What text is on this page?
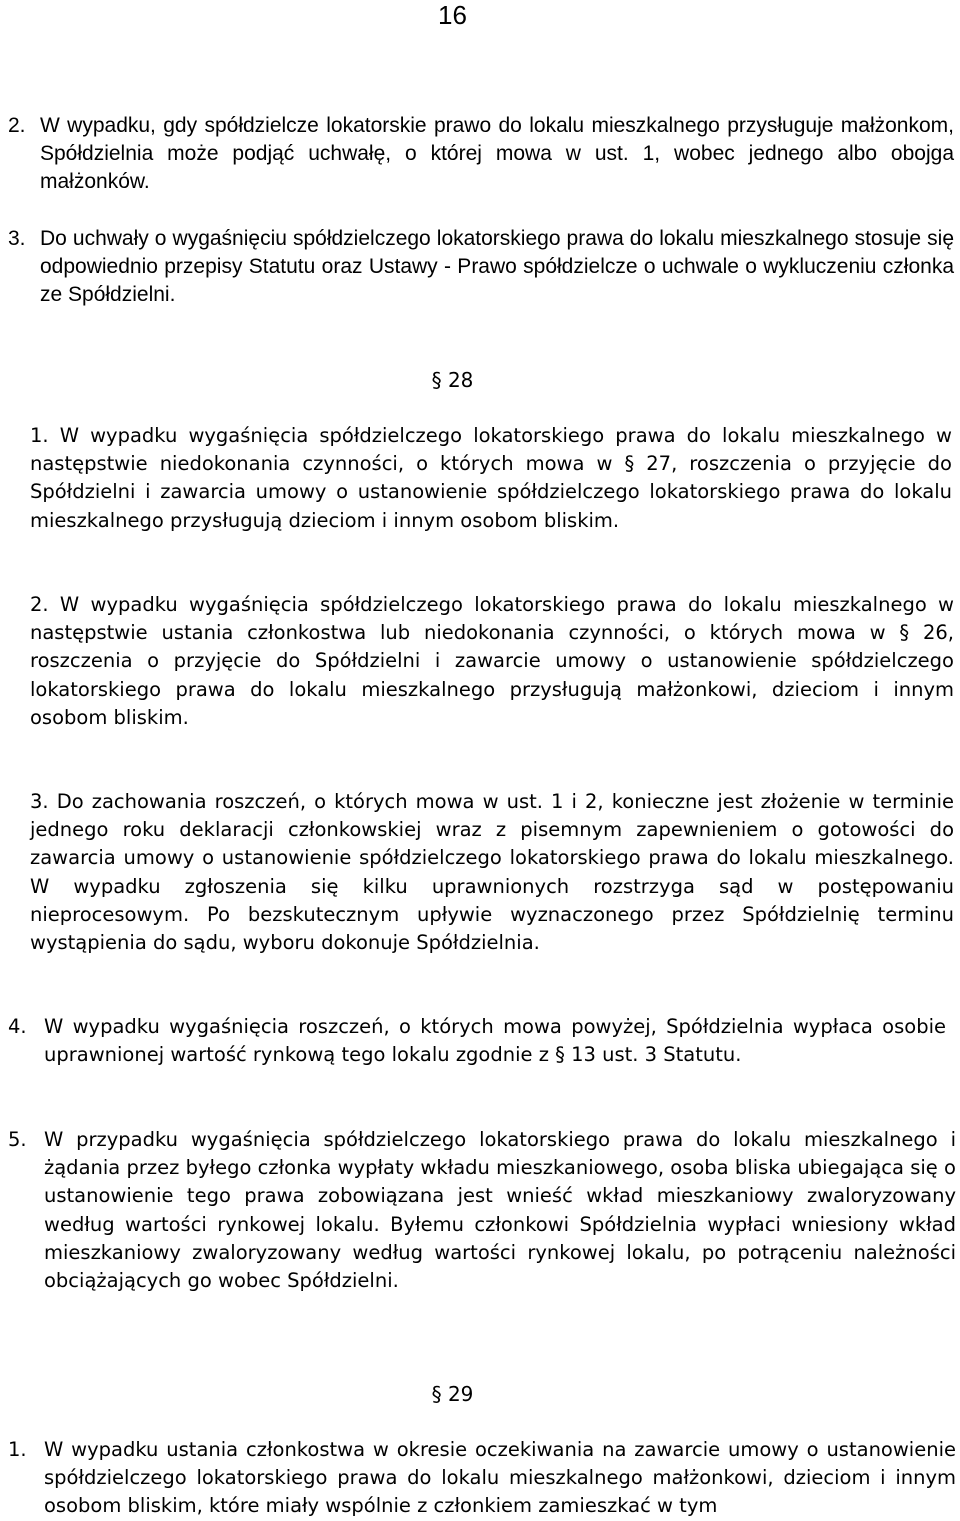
16
2. W wypadku, gdy spółdzielcze lokatorskie prawo do lokalu mieszkalnego przysługuje małżonkom, Spółdzielnia może podjąć uchwałę, o której mowa w ust. 1, wobec jednego albo obojga małżonków.

3. Do uchwały o wygaśnięciu spółdzielczego lokatorskiego prawa do lokalu mieszkalnego stosuje się odpowiednio przepisy Statutu oraz Ustawy - Prawo spółdzielcze o uchwale o wykluczeniu członka ze Spółdzielni.

§ 28

1. W wypadku wygaśnięcia spółdzielczego lokatorskiego prawa do lokalu mieszkalnego w następstwie niedokonania czynności, o których mowa w § 27, roszczenia o przyjęcie do Spółdzielni i zawarcia umowy o ustanowienie spółdzielczego lokatorskiego prawa do lokalu mieszkalnego przysługują dzieciom i innym osobom bliskim.

2. W wypadku wygaśnięcia spółdzielczego lokatorskiego prawa do lokalu mieszkalnego w następstwie ustania członkostwa lub niedokonania czynności, o których mowa w § 26, roszczenia o przyjęcie do Spółdzielni i zawarcie umowy o ustanowienie spółdzielczego lokatorskiego prawa do lokalu mieszkalnego przysługują małżonkowi, dzieciom i innym osobom bliskim.

3. Do zachowania roszczeń, o których mowa w ust. 1 i 2, konieczne jest złożenie w terminie jednego roku deklaracji członkowskiej wraz z pisemnym zapewnieniem o gotowości do zawarcia umowy o ustanowienie spółdzielczego lokatorskiego prawa do lokalu mieszkalnego. W wypadku zgłoszenia się kilku uprawnionych rozstrzyga sąd w postępowaniu nieprocesowym. Po bezskutecznym upływie wyznaczonego przez Spółdzielnię terminu wystąpienia do sądu, wyboru dokonuje Spółdzielnia.

4. W wypadku wygaśnięcia roszczeń, o których mowa powyżej, Spółdzielnia wypłaca osobie uprawnionej wartość rynkową tego lokalu zgodnie z § 13 ust. 3 Statutu.

5. W przypadku wygaśnięcia spółdzielczego lokatorskiego prawa do lokalu mieszkalnego i żądania przez byłego członka wypłaty wkładu mieszkaniowego, osoba bliska ubiegająca się o ustanowienie tego prawa zobowiązana jest wnieść wkład mieszkaniowy zwaloryzowany według wartości rynkowej lokalu. Byłemu członkowi Spółdzielnia wypłaci wniesiony wkład mieszkaniowy zwaloryzowany według wartości rynkowej lokalu, po potrąceniu należności obciążających go wobec Spółdzielni.

§ 29
1. W wypadku ustania członkostwa w okresie oczekiwania na zawarcie umowy o ustanowienie spółdzielczego lokatorskiego prawa do lokalu mieszkalnego małżonkowi, dzieciom i innym osobom bliskim, które miały wspólnie z członkiem zamieszkać w tym
